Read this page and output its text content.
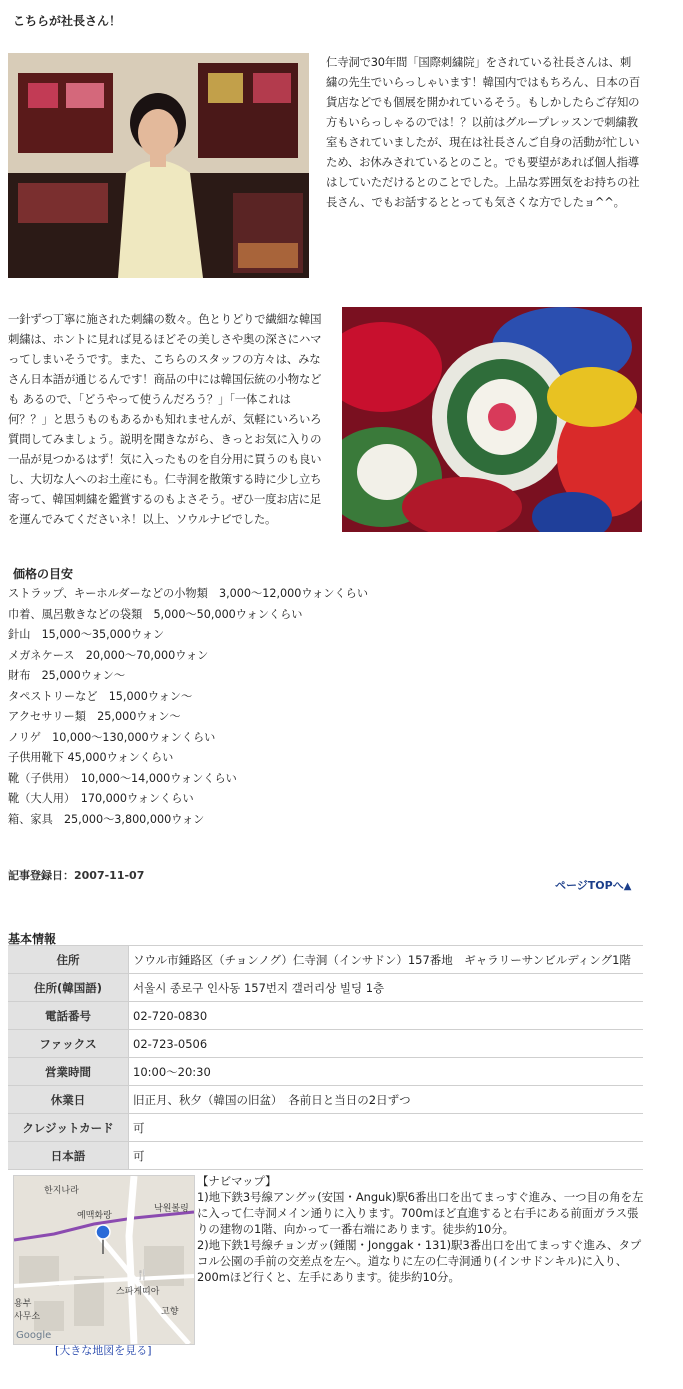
こちらが社長さん！
仁寺洞で30年間「国際刺繍院」をされている社長さんは、刺繍の先生でいらっしゃいます！韓国内ではもちろん、日本の百貨店などでも個展を開かれているそう。もしかしたらご存知の方もいらっしゃるのでは！？以前はグループレッスンで刺繍教室もされていましたが、現在は社長さんご自身の活動が忙しいため、お休みされているとのこと。でも要望があれば個人指導はしていただけるとのことでした。上品な雰囲気をお持ちの社長さん、でもお話するととっても気さくな方でしたョ^^。
一針ずつ丁寧に施された刺繍の数々。色とりどりで繊細な韓国刺繍は、ホントに見れば見るほどその美しさや奥の深さにハマってしまいそうです。また、こちらのスタッフの方々は、みなさん日本語が通じるんです！商品の中には韓国伝統の小物なども あるので、「どうやって使うんだろう？」「一体これは何？？」と思うものもあるかも知れませんが、気軽にいろいろ質問してみましょう。説明を聞きながら、きっとお気に入りの一品が見つかるはず！気に入ったものを自分用に買うのも良いし、大切な人へのお土産にも。仁寺洞を散策する時に少し立ち寄って、韓国刺繍を鑑賞するのもよさそう。ぜひ一度お店に足を運んでみてくださいネ！以上、ソウルナビでした。
価格の目安
ストラップ、キーホルダーなどの小物類　3,000～12,000ウォンくらい
巾着、風呂敷きなどの袋類　5,000～50,000ウォンくらい
針山　15,000～35,000ウォン
メガネケース　20,000～70,000ウォン
財布　25,000ウォン～
タペストリーなど　15,000ウォン～
アクセサリー類　25,000ウォン～
ノリゲ　10,000～130,000ウォンくらい
子供用靴下 45,000ウォンくらい
靴（子供用）　10,000～14,000ウォンくらい
靴（大人用）　170,000ウォンくらい
箱、家具　25,000～3,800,000ウォン
記事登録日：2007-11-07
ページTOPへ▲
基本情報
住所	ソウル市鍾路区（チョンノグ）仁寺洞（インサドン）157番地　ギャラリーサンビルディング1階
住所(韓国語)	서울시 종로구 인사동 157번지 갤러리상 빌딩 1층
電話番号	02-720-0830
ファックス	02-723-0506
営業時間	10:00～20:30
休業日	旧正月、秋夕（韓国の旧盆）　各前日と当日の2日ずつ
クレジットカード	可
日本語	可
한지나라
낙원볼링
예맥화랑
스파게띠아
고향
용부
사무소
Google
🍴
【ナビマップ】
1)地下鉄3号線アングッ(安国・Anguk)駅6番出口を出てまっすぐ進み、一つ目の角を左に入って仁寺洞メイン通りに入ります。700mほど直進すると右手にある前面ガラス張りの建物の1階、向かって一番右端にあります。徒歩約10分。
2)地下鉄1号線チョンガッ(鍾閣・Jonggak・131)駅3番出口を出てまっすぐ進み、タプコル公園の手前の交差点を左へ。道なりに左の仁寺洞通り(インサドンキル)に入り、200mほど行くと、左手にあります。徒歩約10分。
[大きな地図を見る]
